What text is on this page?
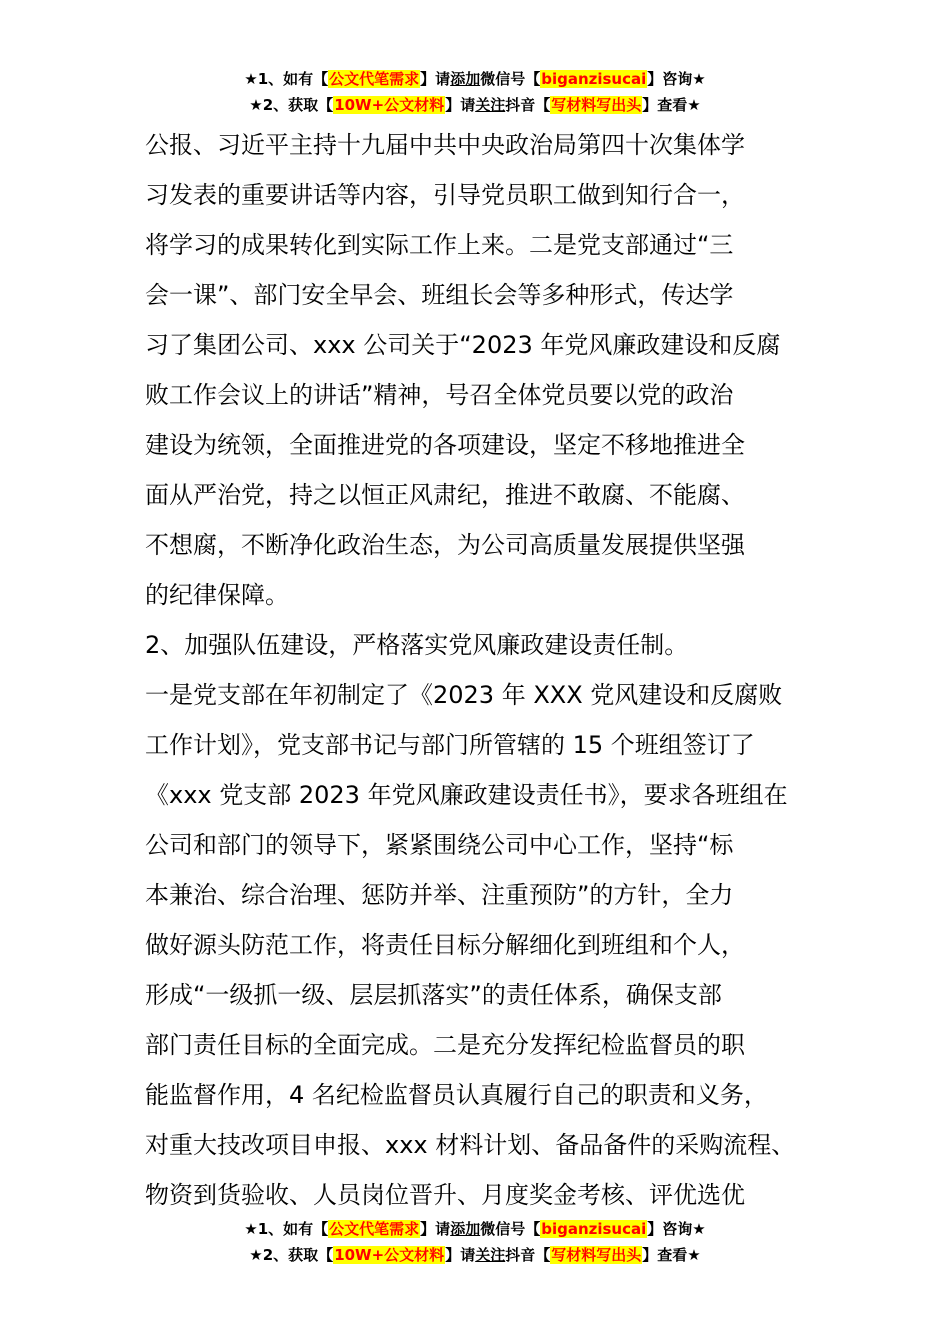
★1、如有【公文代笔需求】请添加微信号【biganzisucai】咨询★
★2、获取【10W+公文材料】请关注抖音【写材料写出头】查看★
公报、习近平主持十九届中共中央政治局第四十次集体学
习发表的重要讲话等内容，引导党员职工做到知行合一，
将学习的成果转化到实际工作上来。二是党支部通过“三
会一课”、部门安全早会、班组长会等多种形式，传达学
习了集团公司、xxx 公司关于“2023 年党风廉政建设和反腐
败工作会议上的讲话”精神，号召全体党员要以党的政治
建设为统领，全面推进党的各项建设，坚定不移地推进全
面从严治党，持之以恒正风肃纪，推进不敢腐、不能腐、
不想腐，不断净化政治生态，为公司高质量发展提供坚强
的纪律保障。
2、加强队伍建设，严格落实党风廉政建设责任制。
一是党支部在年初制定了《2023 年 XXX 党风建设和反腐败
工作计划》，党支部书记与部门所管辖的 15 个班组签订了
《xxx 党支部 2023 年党风廉政建设责任书》，要求各班组在
公司和部门的领导下，紧紧围绕公司中心工作，坚持“标
本兼治、综合治理、惩防并举、注重预防”的方针，全力
做好源头防范工作，将责任目标分解细化到班组和个人，
形成“一级抓一级、层层抓落实”的责任体系，确保支部
部门责任目标的全面完成。二是充分发挥纪检监督员的职
能监督作用，4 名纪检监督员认真履行自己的职责和义务，
对重大技改项目申报、xxx 材料计划、备品备件的采购流程、
物资到货验收、人员岗位晋升、月度奖金考核、评优选优
★1、如有【公文代笔需求】请添加微信号【biganzisucai】咨询★
★2、获取【10W+公文材料】请关注抖音【写材料写出头】查看★
